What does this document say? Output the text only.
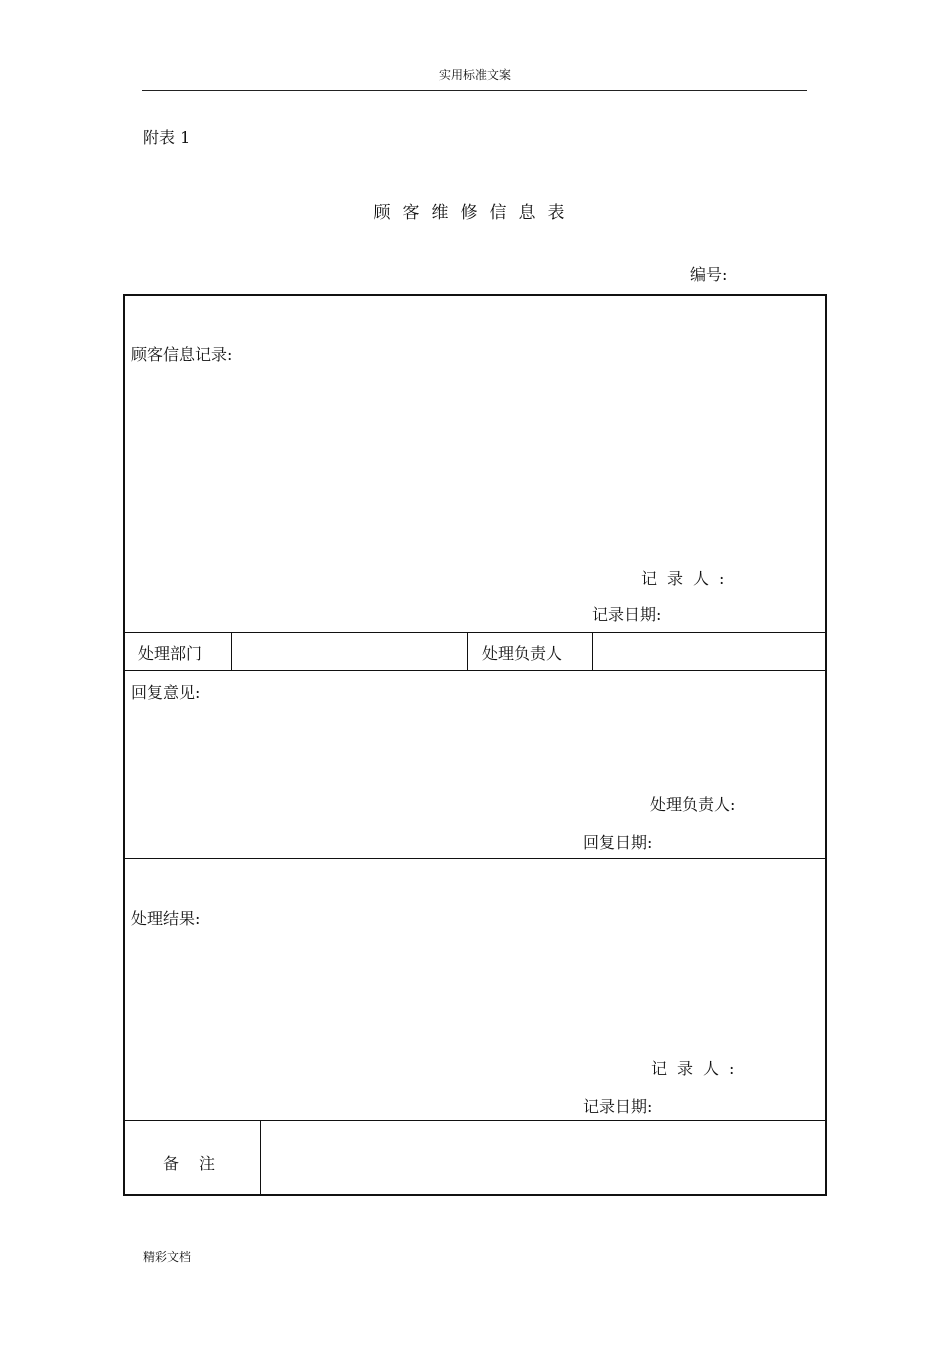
实用标准文案
附表 1
顾客维修信息表
编号:
顾客信息记录:
记录人:
记录日期:
处理部门	处理负责人
回复意见:
处理负责人:
回复日期:
处理结果:
记录人:
记录日期:
备注
精彩文档
